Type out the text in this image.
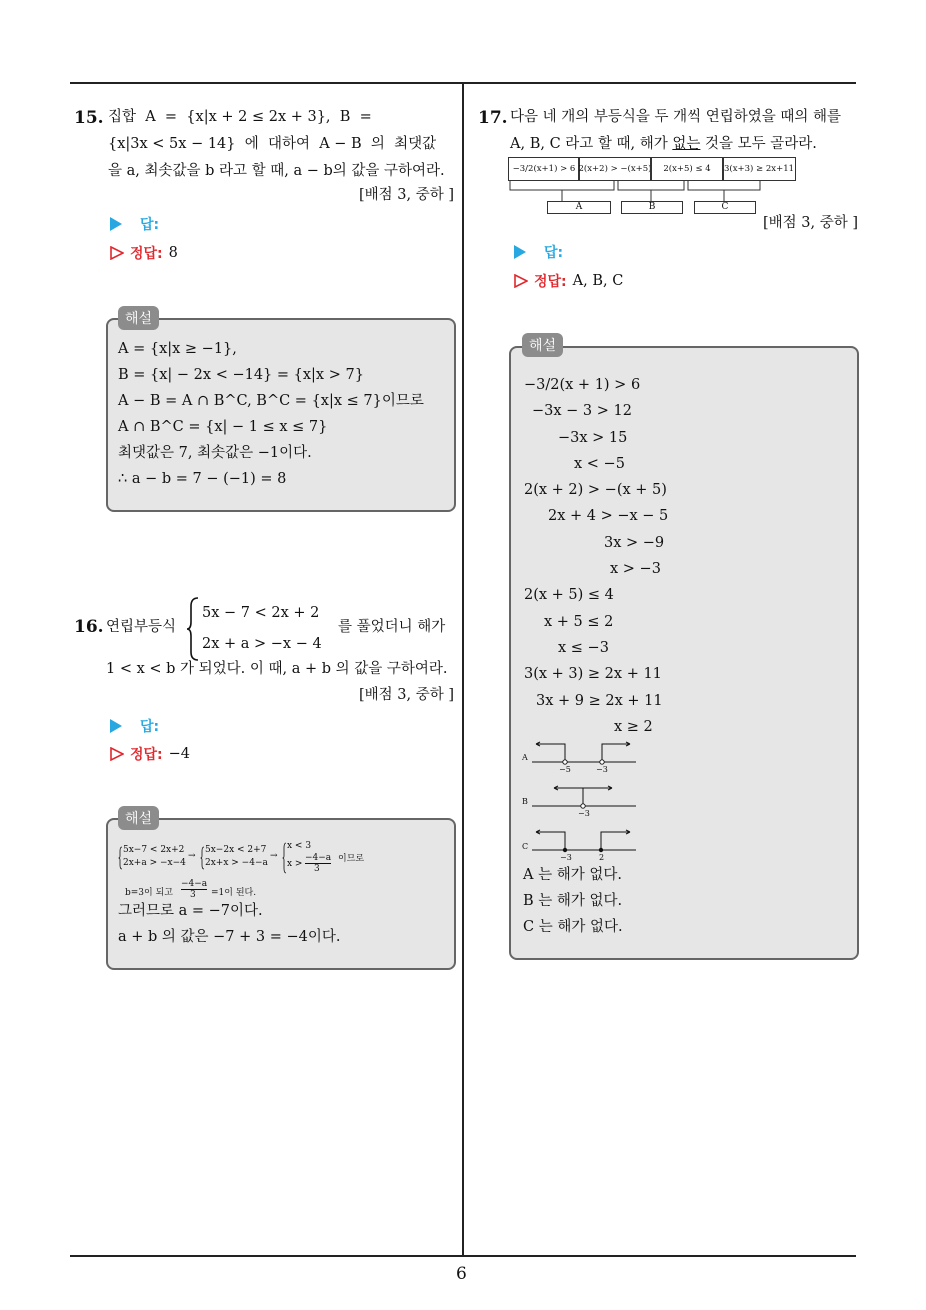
6
15. 집합  A  =  {x|x + 2 ≤ 2x + 3},  B  =
{x|3x < 5x − 14}  에  대하여  A − B  의  최댓값
을 a, 최솟값을 b 라고 할 때, a − b의 값을 구하여라.
[배점 3, 중하 ]
답:
정답: 8
해설
A = {x|x ≥ −1},
B = {x| − 2x < −14} = {x|x > 7}
A − B = A ∩ B^C, B^C = {x|x ≤ 7}이므로
A ∩ B^C = {x| − 1 ≤ x ≤ 7}
최댓값은 7, 최솟값은 −1이다.
∴ a − b = 7 − (−1) = 8
16. 연립부등식
5x − 7 < 2x + 2
2x + a > −x − 4
를 풀었더니 해가
1 < x < b 가 되었다. 이 때, a + b 의 값을 구하여라.
[배점 3, 중하 ]
답:
정답: −4
해설
5x−7 < 2x+2
2x+a > −x−4
→
5x−2x < 2+7
2x+x > −4−a
→
x < 3
x >
−4−a
3
이므로
b=3이 되고
−4−a
3 =1이 된다.
그러므로 a = −7이다.
a + b 의 값은 −7 + 3 = −4이다.
17. 다음 네 개의 부등식을 두 개씩 연립하였을 때의 해를
A, B, C 라고 할 때, 해가 없는 것을 모두 골라라.
−3/2(x+1) > 6 2(x+2) > −(x+5)	2(x+5) ≤ 4	3(x+3) ≥ 2x+11
A	B	C
[배점 3, 중하 ]
답:
정답: A, B, C
해설
−3/2(x + 1) > 6
−3x − 3 > 12
−3x > 15
x < −5
2(x + 2) > −(x + 5)
2x + 4 > −x − 5
3x > −9
x > −3
2(x + 5) ≤ 4
x + 5 ≤ 2
x ≤ −3
3(x + 3) ≥ 2x + 11
3x + 9 ≥ 2x + 11
x ≥ 2
A
−5	−3
B
−3
C
−3	2
A 는 해가 없다.
B 는 해가 없다.
C 는 해가 없다.
